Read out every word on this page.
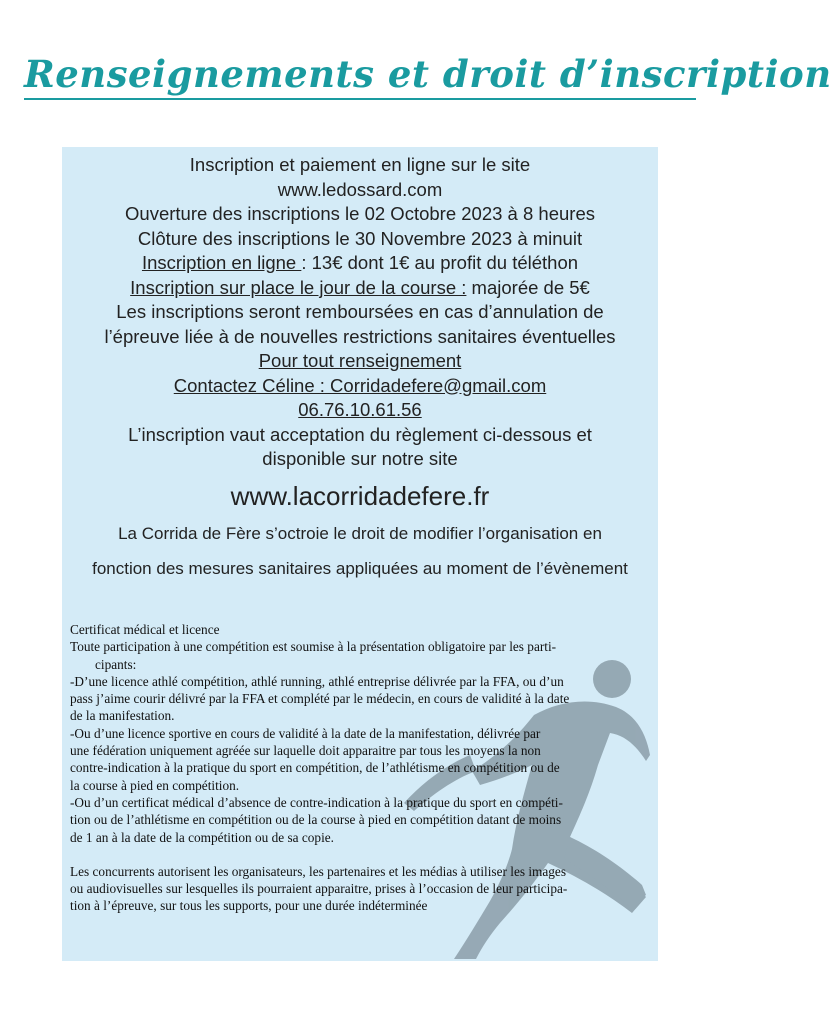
Renseignements et droit d’inscription
Inscription et paiement en ligne sur le site
www.ledossard.com
Ouverture des inscriptions le 02 Octobre 2023 à 8 heures
Clôture des inscriptions le 30 Novembre 2023 à minuit
Inscription en ligne : 13€ dont 1€ au profit du téléthon
Inscription sur place le jour de la course : majorée de 5€
Les inscriptions seront remboursées en cas d’annulation de
l’épreuve liée à de nouvelles restrictions sanitaires éventuelles
Pour tout renseignement
Contactez Céline : Corridadefere@gmail.com
06.76.10.61.56
L’inscription vaut acceptation du règlement ci-dessous et
disponible sur notre site
www.lacorridadefere.fr
La Corrida de Fère s’octroie le droit de modifier l’organisation en
fonction des mesures sanitaires appliquées au moment de l’évènement
Certificat médical et licence
Toute participation à une compétition est soumise à la présentation obligatoire par les parti-
cipants:
-D’une licence athlé compétition, athlé running, athlé entreprise délivrée par la FFA, ou d’un
pass j’aime courir délivré par la FFA et complété par le médecin, en cours de validité à la date
de la manifestation.
-Ou d’une licence sportive en cours de validité à la date de la manifestation, délivrée par
une fédération uniquement agréée sur laquelle doit apparaitre par tous les moyens la non
contre-indication à la pratique du sport en compétition, de l’athlétisme en compétition ou de
la course à pied en compétition.
-Ou d’un certificat médical d’absence de contre-indication à la pratique du sport en compéti-
tion ou de l’athlétisme en compétition ou de la course à pied en compétition datant de moins
de 1 an à la date de la compétition ou de sa copie.
Les concurrents autorisent les organisateurs, les partenaires et les médias à utiliser les images
ou audiovisuelles sur lesquelles ils pourraient apparaitre, prises à l’occasion de leur participa-
tion à l’épreuve, sur tous les supports, pour une durée indéterminée
